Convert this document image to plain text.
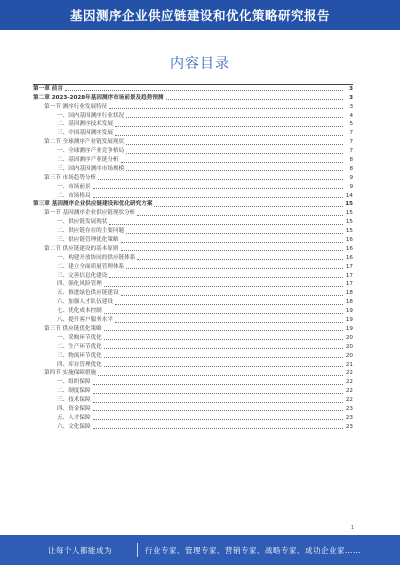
基因测序企业供应链建设和优化策略研究报告
内容目录
第一章 前言	3
第二章 2023-2028年基因测序市场前景及趋势预测	3
第一节 测序行业发展特征	3
一、国内基因测序行业状况	4
二、基因测序技术发展	5
三、中国基因测序发展	7
第二节 全球测序产业链发展现状	7
一、全球测序产业竞争格局	7
二、基因测序产业链分析	8
三、国内基因测序市场规模	8
第三节 市场趋势分析	9
一、市场前景	9
二、市场格局	14
第三章 基因测序企业供应链建设和优化研究方案	15
第一节 基因测序企业供应链现状分析	15
一、供应链发展现状	15
二、供应链存在的主要问题	15
三、供应链管理优化策略	16
第二节 供应链建设的基本原则	16
一、构建开放协同的供应链体系	16
二、建立全面质量管理体系	17
三、完善信息化建设	17
四、强化风险管理	17
五、推进绿色供应链建设	18
六、加强人才队伍建设	18
七、优化成本控制	19
八、提升客户服务水平	19
第三节 供应链优化策略	19
一、采购环节优化	20
二、生产环节优化	20
三、物流环节优化	20
四、库存管理优化	21
第四节 实施保障措施	22
一、组织保障	22
二、制度保障	22
三、技术保障	22
四、资金保障	23
五、人才保障	23
六、文化保障	23
1
让每个人都能成为	行业专家、管理专家、营销专家、战略专家、成功企业家……
